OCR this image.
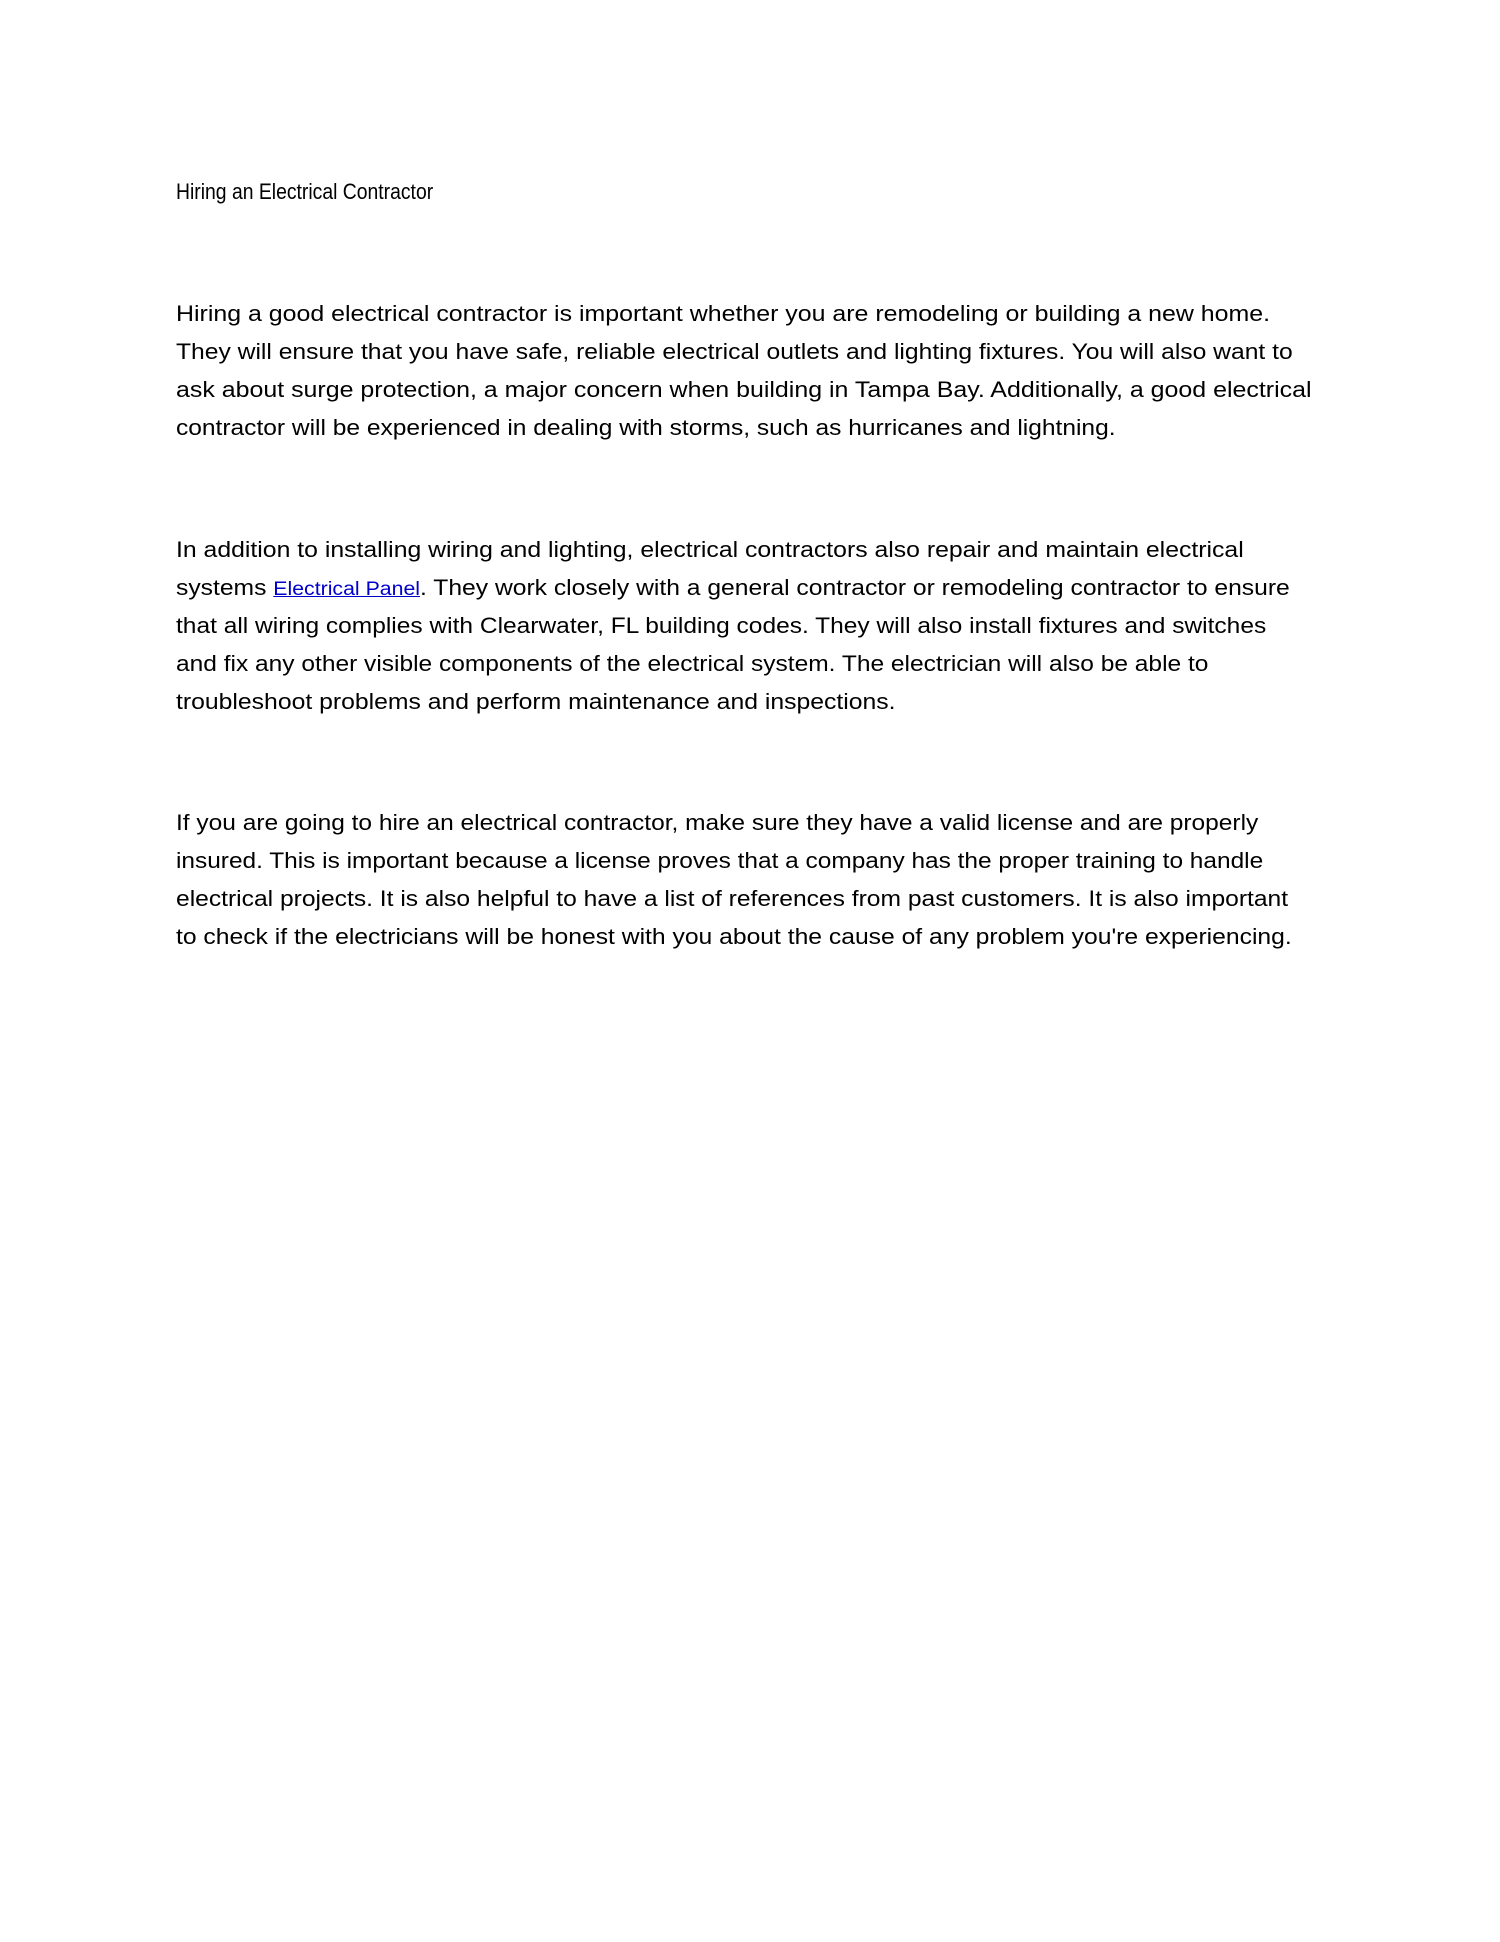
Hiring an Electrical Contractor
Hiring a good electrical contractor is important whether you are remodeling or building a new home.
They will ensure that you have safe, reliable electrical outlets and lighting fixtures. You will also want to
ask about surge protection, a major concern when building in Tampa Bay. Additionally, a good electrical
contractor will be experienced in dealing with storms, such as hurricanes and lightning.
In addition to installing wiring and lighting, electrical contractors also repair and maintain electrical
systems Electrical Panel. They work closely with a general contractor or remodeling contractor to ensure
that all wiring complies with Clearwater, FL building codes. They will also install fixtures and switches
and fix any other visible components of the electrical system. The electrician will also be able to
troubleshoot problems and perform maintenance and inspections.
If you are going to hire an electrical contractor, make sure they have a valid license and are properly
insured. This is important because a license proves that a company has the proper training to handle
electrical projects. It is also helpful to have a list of references from past customers. It is also important
to check if the electricians will be honest with you about the cause of any problem you're experiencing.
